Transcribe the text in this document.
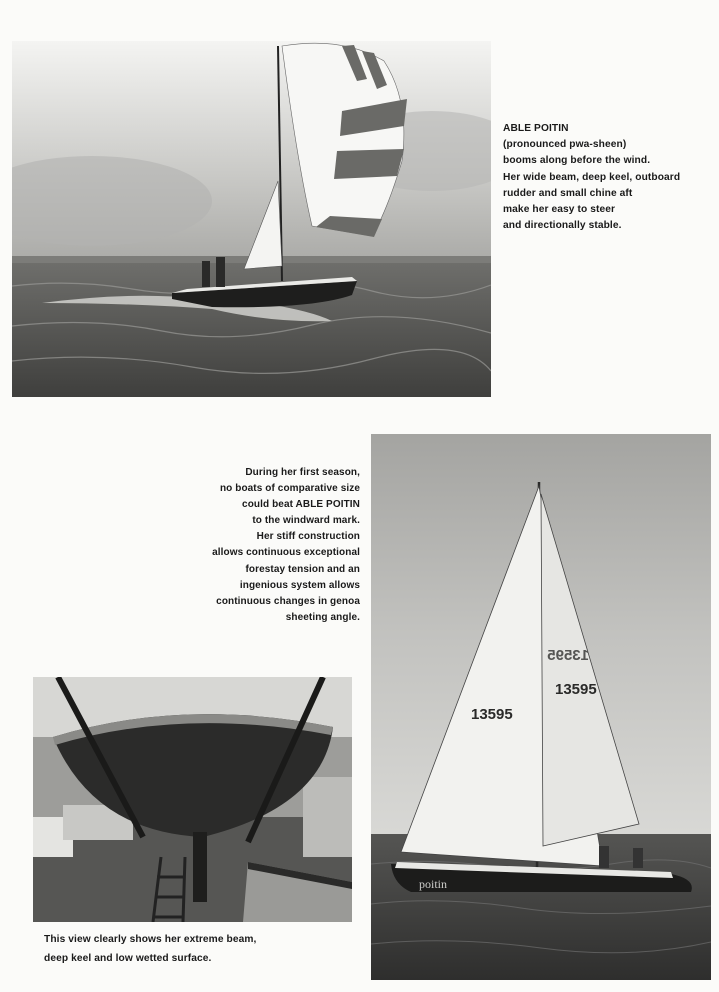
ABLE POITIN
(pronounced pwa-sheen)
booms along before the wind.
Her wide beam, deep keel, outboard
rudder and small chine aft
make her easy to steer
and directionally stable.
During her first season,
no boats of comparative size
could beat ABLE POITIN
to the windward mark.
Her stiff construction
allows continuous exceptional
forestay tension and an
ingenious system allows
continuous changes in genoa
sheeting angle.
poitin
13595
13595
13595
This view clearly shows her extreme beam,
deep keel and low wetted surface.
